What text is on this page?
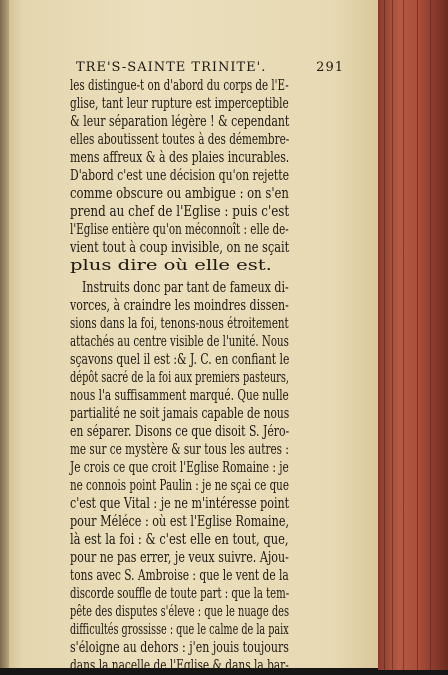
TRE'S-SAINTE TRINITE'.	291
les distingue-t on d'abord du corps de l'E-
glise, tant leur rupture est imperceptible
& leur séparation légère ! & cependant
elles aboutissent toutes à des démembre-
mens affreux & à des plaies incurables.
D'abord c'est une décision qu'on rejette
comme obscure ou ambigue : on s'en
prend au chef de l'Eglise : puis c'est
l'Eglise entière qu'on méconnoît : elle de-
vient tout à coup invisible, on ne sçait
plus dire où elle est.
Instruits donc par tant de fameux di-
vorces, à craindre les moindres dissen-
sions dans la foi, tenons-nous étroitement
attachés au centre visible de l'unité. Nous
sçavons quel il est :& J. C. en confiant le
dépôt sacré de la foi aux premiers pasteurs,
nous l'a suffisamment marqué. Que nulle
partialité ne soit jamais capable de nous
en séparer. Disons ce que disoit S. Jéro-
me sur ce mystère & sur tous les autres :
Je crois ce que croit l'Eglise Romaine : je
ne connois point Paulin : je ne sçai ce que
c'est que Vital : je ne m'intéresse point
pour Méléce : où est l'Eglise Romaine,
là est la foi : & c'est elle en tout, que,
pour ne pas errer, je veux suivre. Ajou-
tons avec S. Ambroise : que le vent de la
discorde souffle de toute part : que la tem-
pête des disputes s'éleve : que le nuage des
difficultés grossisse : que le calme de la paix
s'éloigne au dehors : j'en jouis toujours
dans la nacelle de l'Eglise & dans la bar-
